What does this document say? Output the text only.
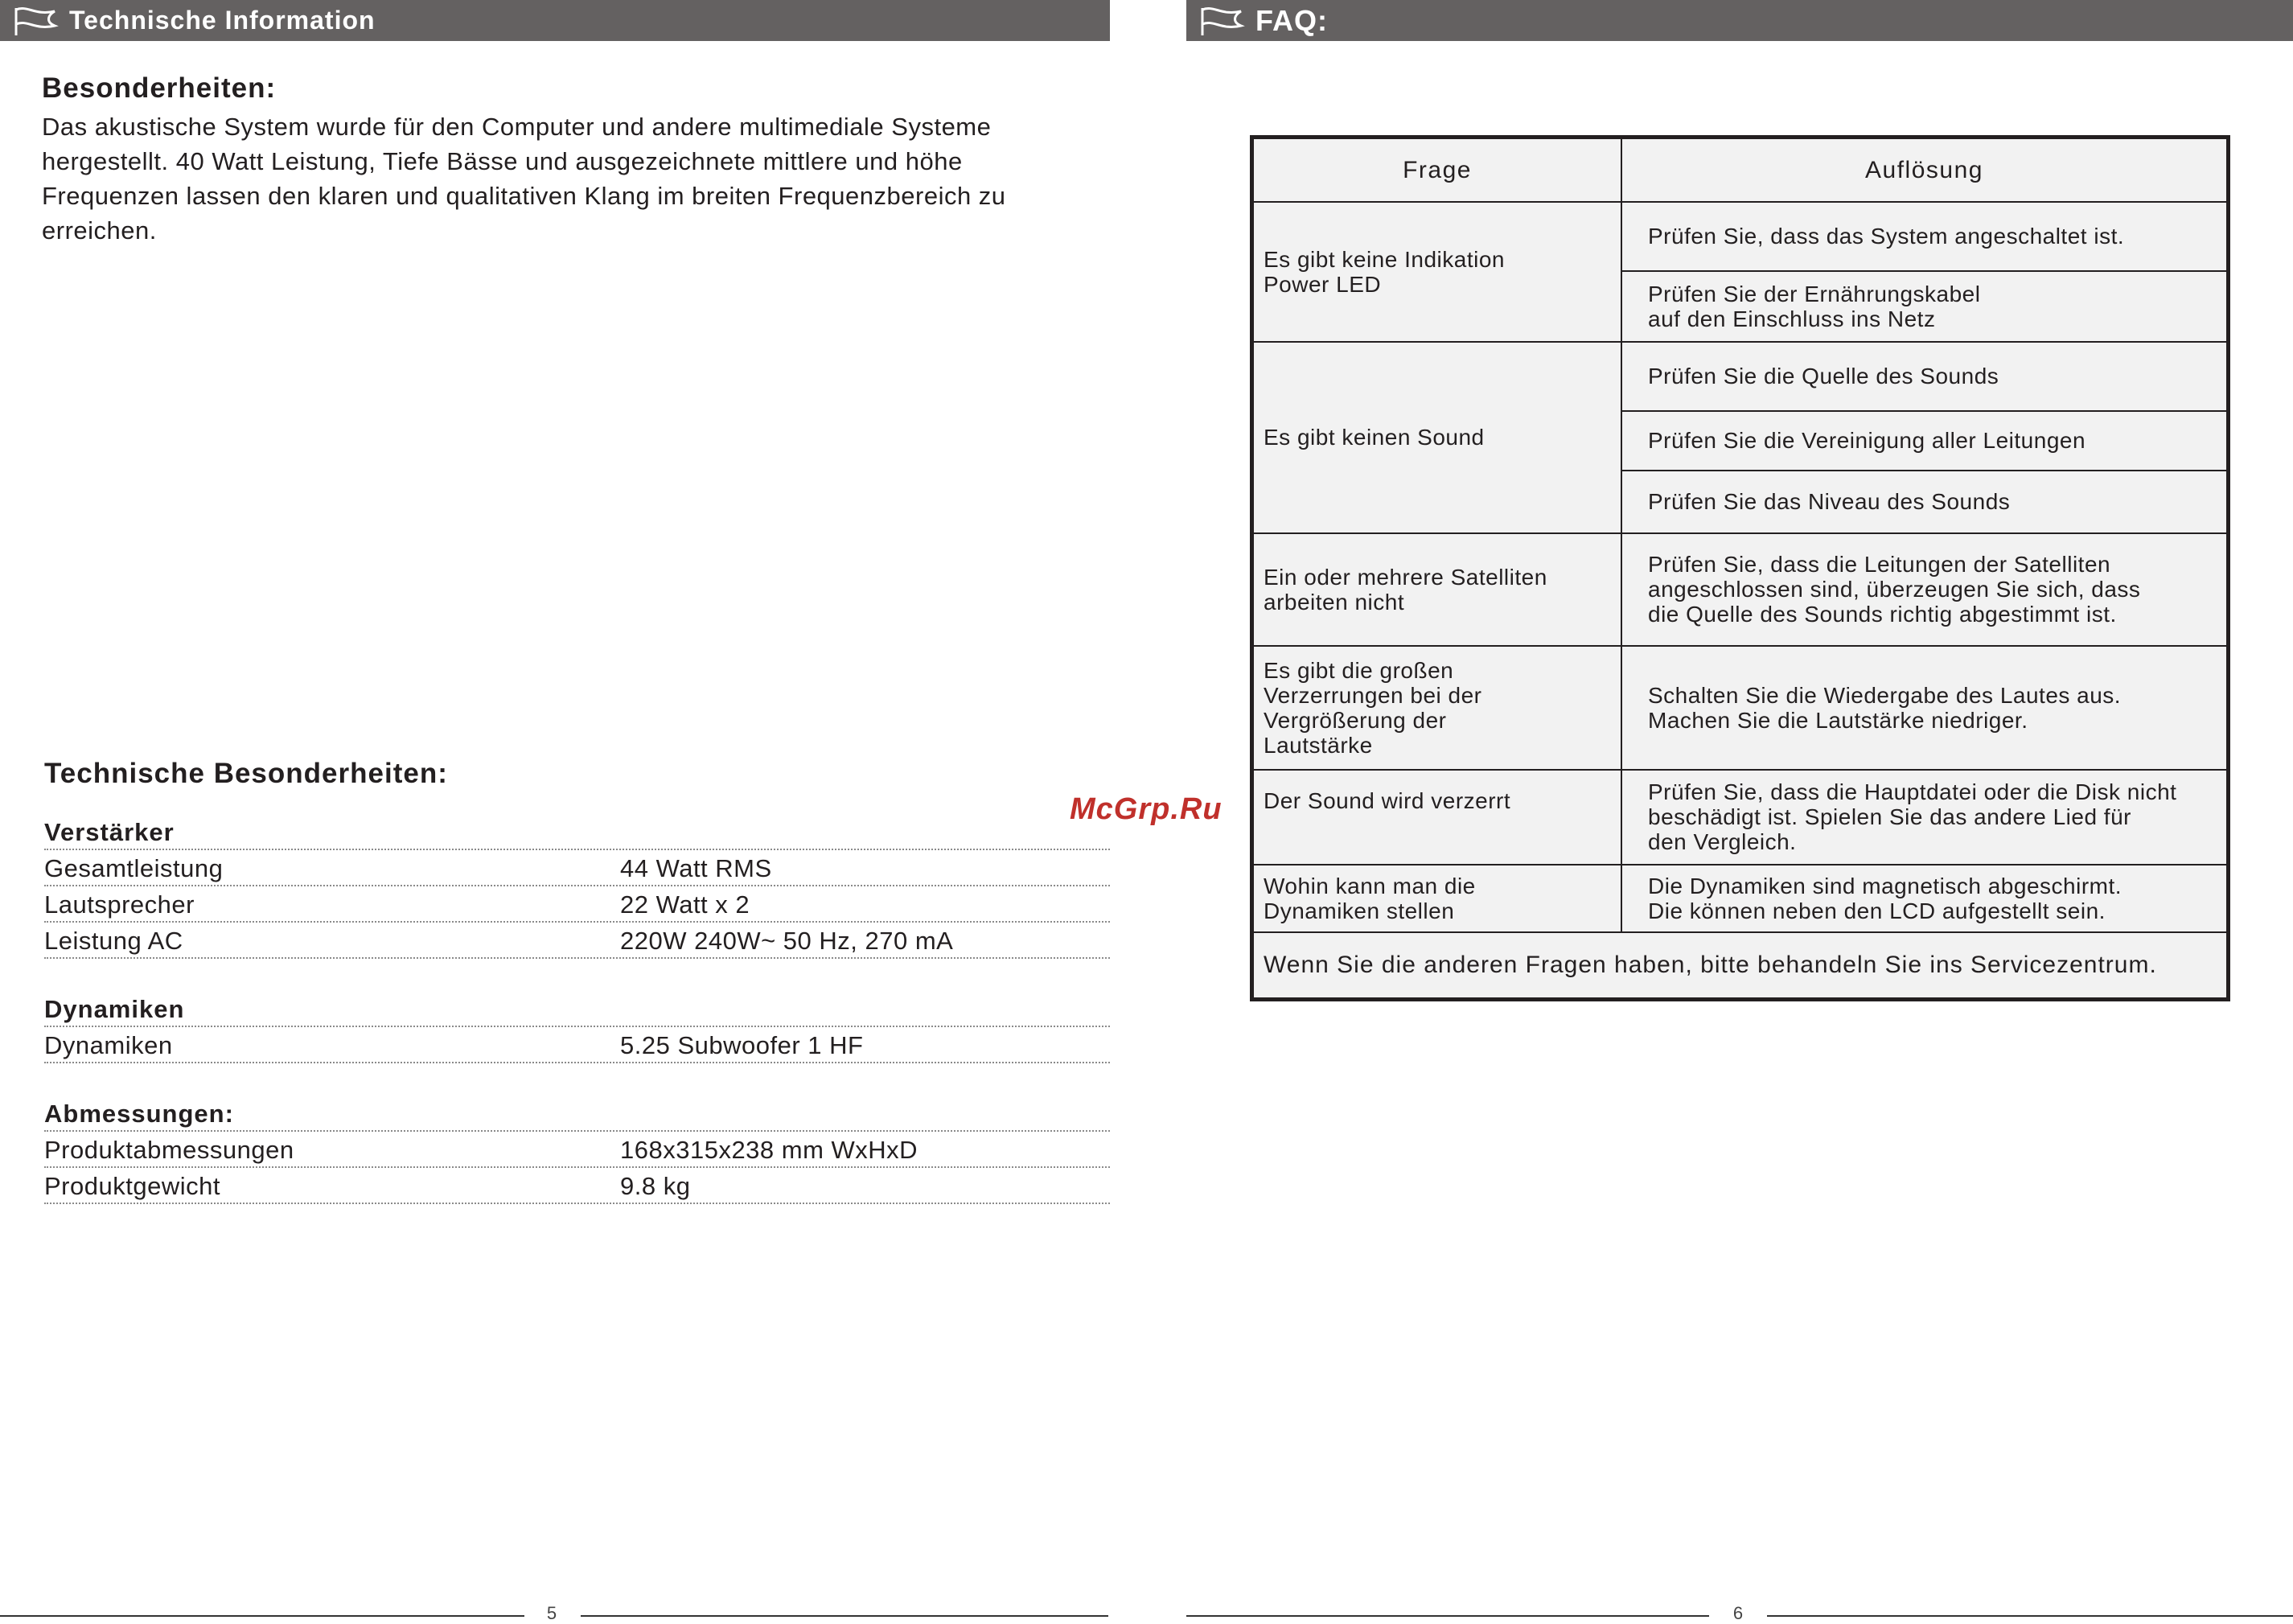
Technische Information
Besonderheiten:

Das akustische System wurde für den Computer und andere multimediale Systeme hergestellt. 40 Watt Leistung, Tiefe Bässe und ausgezeichnete mittlere und höhe Frequenzen lassen den klaren und qualitativen Klang im breiten Frequenzbereich zu erreichen.

Technische Besonderheiten:
Verstärker
Gesamtleistung	44 Watt RMS
Lautsprecher	22 Watt x 2
Leistung AC	220W 240W~ 50 Hz, 270 mA
Dynamiken
Dynamiken	5.25 Subwoofer 1 HF
Abmessungen:
Produktabmessungen	168x315x238 mm WxHxD
Produktgewicht	9.8 kg
5
McGrp.Ru
FAQ:
Frage	Auflösung

Es gibt keine Indikation
Power LED	Prüfen Sie, dass das System angeschaltet ist.

	Prüfen Sie der Ernährungskabel
auf den Einschluss ins Netz

Es gibt keinen Sound	Prüfen Sie die Quelle des Sounds

	Prüfen Sie die Vereinigung aller Leitungen

	Prüfen Sie das Niveau des Sounds

Ein oder mehrere Satelliten
arbeiten nicht	Prüfen Sie, dass die Leitungen der Satelliten
angeschlossen sind, überzeugen Sie sich, dass
die Quelle des Sounds richtig abgestimmt ist.

Es gibt die großen
Verzerrungen bei der
Vergrößerung der
Lautstärke	Schalten Sie die Wiedergabe des Lautes aus.
Machen Sie die Lautstärke niedriger.

Der Sound wird verzerrt	Prüfen Sie, dass die Hauptdatei oder die Disk nicht
beschädigt ist. Spielen Sie das andere Lied für
den Vergleich.

Wohin kann man die
Dynamiken stellen	Die Dynamiken sind magnetisch abgeschirmt.
Die können neben den LCD aufgestellt sein.

Wenn Sie die anderen Fragen haben, bitte behandeln Sie ins Servicezentrum.	
6
